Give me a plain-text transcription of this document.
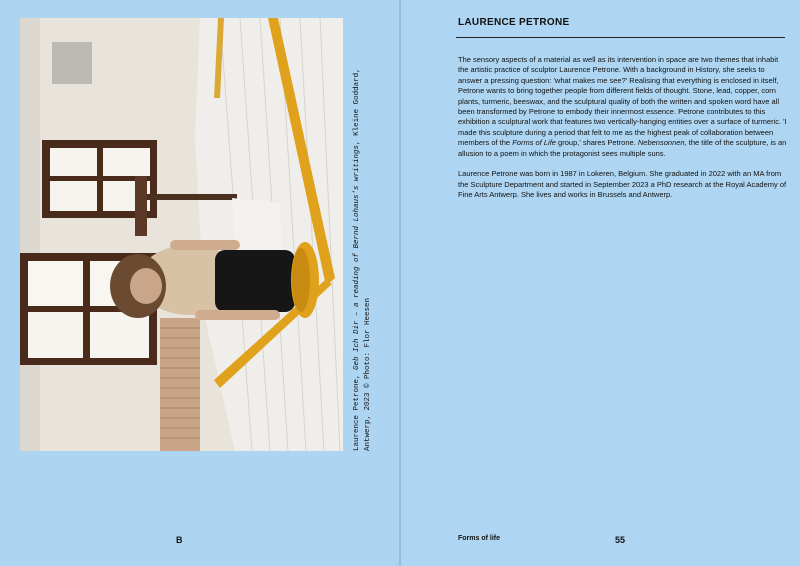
Laurence Petrone, Geb Ich Dir – a reading of Bernd Lohaus's writings, Kleine Goddard,
Antwerp, 2023 © Photo: Flor Heesen
B
LAURENCE PETRONE

The sensory aspects of a material as well as its intervention in space are two themes that inhabit the artistic practice of sculptor Laurence Petrone. With a background in History, she seeks to answer a pressing question: 'what makes me see?' Realising that everything is enclosed in itself, Petrone wants to bring together people from different fields of thought. Stone, lead, copper, corn plants, turmeric, beeswax, and the sculptural quality of both the written and spoken word have all been transformed by Petrone to embody their innermost essence. Petrone contributes to this exhibition a sculptural work that features two vertically-hanging entities over a surface of turmeric. 'I made this sculpture during a period that felt to me as the highest peak of collaboration between members of the Forms of Life group,' shares Petrone. Nebensonnen, the title of the sculpture, is an allusion to a poem in which the protagonist sees multiple suns.

Laurence Petrone was born in 1987 in Lokeren, Belgium. She graduated in 2022 with an MA from the Sculpture Department and started in September 2023 a PhD research at the Royal Academy of Fine Arts Antwerp. She lives and works in Brussels and Antwerp.

Forms of life	55
